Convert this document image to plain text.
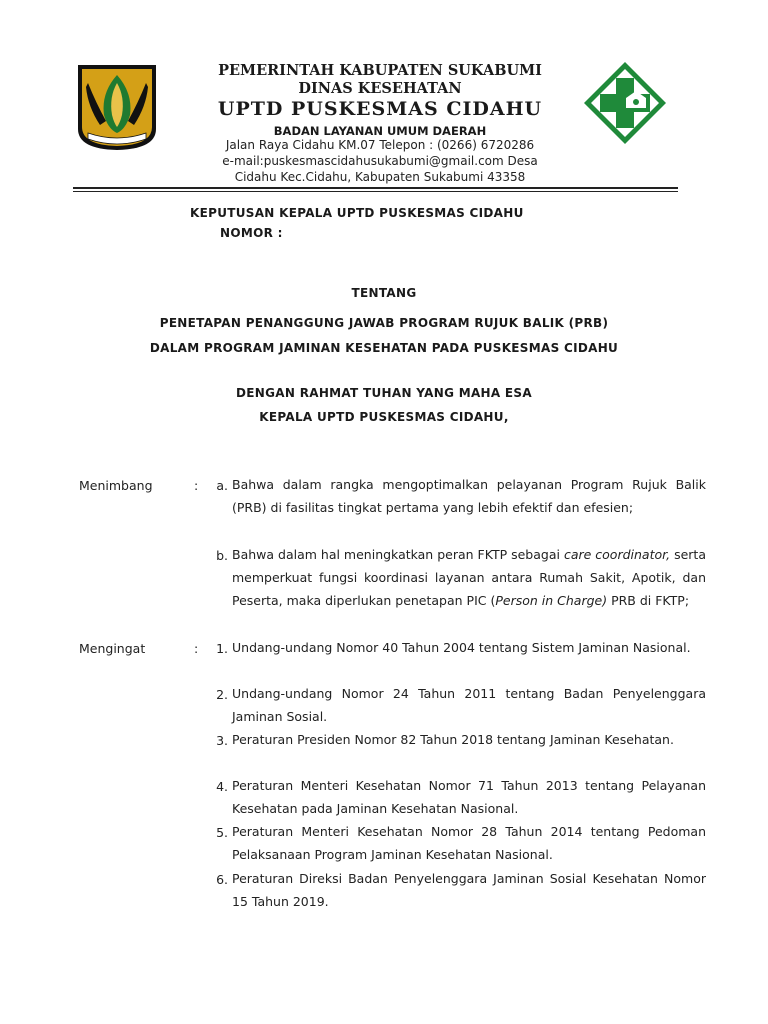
PEMERINTAH KABUPATEN SUKABUMI
DINAS KESEHATAN
UPTD PUSKESMAS CIDAHU
BADAN LAYANAN UMUM DAERAH
Jalan Raya Cidahu KM.07 Telepon : (0266) 6720286
e-mail:puskesmascidahusukabumi@gmail.com Desa
Cidahu Kec.Cidahu, Kabupaten Sukabumi 43358
KEPUTUSAN KEPALA UPTD PUSKESMAS CIDAHU
NOMOR :
TENTANG
PENETAPAN PENANGGUNG JAWAB PROGRAM RUJUK BALIK (PRB)
DALAM PROGRAM JAMINAN KESEHATAN PADA PUSKESMAS CIDAHU
DENGAN RAHMAT TUHAN YANG MAHA ESA
KEPALA UPTD PUSKESMAS CIDAHU,
Menimbang	:	a. Bahwa dalam rangka mengoptimalkan pelayanan Program Rujuk Balik (PRB) di fasilitas tingkat pertama yang lebih efektif dan efesien;
b. Bahwa dalam hal meningkatkan peran FKTP sebagai care coordinator, serta memperkuat fungsi koordinasi layanan antara Rumah Sakit, Apotik, dan Peserta, maka diperlukan penetapan PIC (Person in Charge) PRB di FKTP;
Mengingat	:	1. Undang-undang Nomor 40 Tahun 2004 tentang Sistem Jaminan Nasional.
2. Undang-undang Nomor 24 Tahun 2011 tentang Badan Penyelenggara Jaminan Sosial.
3. Peraturan Presiden Nomor 82 Tahun 2018 tentang Jaminan Kesehatan.
4. Peraturan Menteri Kesehatan Nomor 71 Tahun 2013 tentang Pelayanan Kesehatan pada Jaminan Kesehatan Nasional.
5. Peraturan Menteri Kesehatan Nomor 28 Tahun 2014 tentang Pedoman Pelaksanaan Program Jaminan Kesehatan Nasional.
6. Peraturan Direksi Badan Penyelenggara Jaminan Sosial Kesehatan Nomor 15 Tahun 2019.
